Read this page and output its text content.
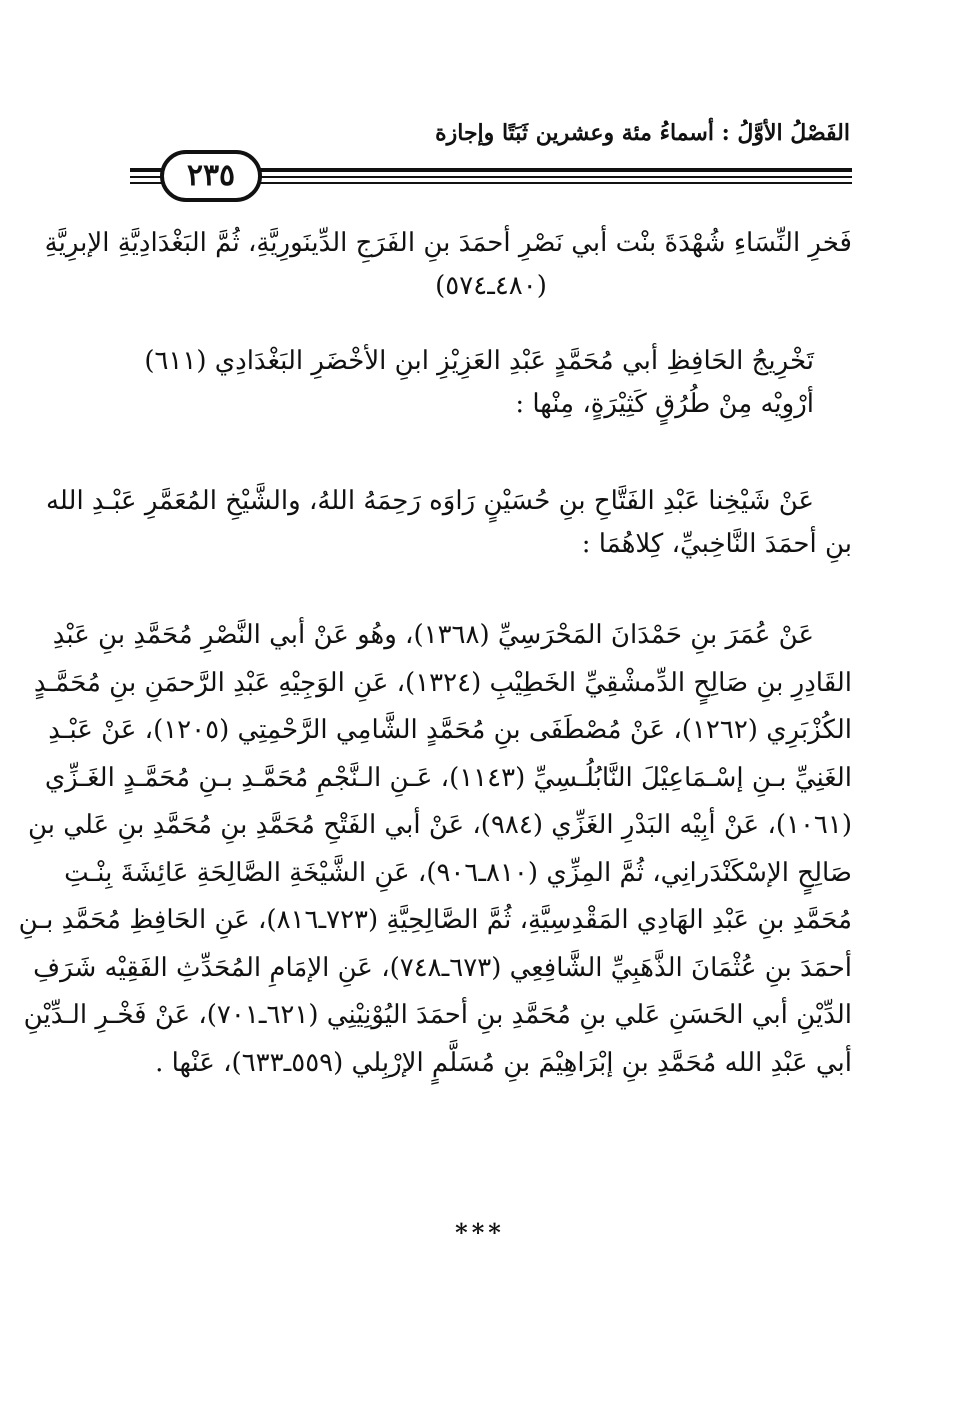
الفَصْلُ الأوَّلُ : أسماءُ مئة وعشرين ثَبَتًا وإجازة
٢٣٥
فَخرِ النِّسَاءِ شُهْدَةَ بنْت أبي نَصْرِ أحمَدَ بنِ الفَرَجِ الدِّينَورِيَّةِ، ثُمَّ البَغْدَادِيَّةِ الإبرِيَّةِ
(٤٨٠ـ٥٧٤)
تَخْرِيجُ الحَافِظِ أبي مُحَمَّدٍ عَبْدِ العَزِيْزِ ابنِ الأخْضَرِ البَغْدَادِي (٦١١)
أرْوِيْه مِنْ طُرُقٍ كَثِيْرَةٍ، مِنْها :
عَنْ شَيْخِنا عَبْدِ الفَتَّاحِ بنِ حُسَيْنٍ رَاوَه رَحِمَهُ اللهُ، والشَّيْخِ المُعَمَّرِ عَبْـدِ الله
بنِ أحمَدَ النَّاخِبيِّ، كِلاهُمَا :
عَنْ عُمَرَ بنِ حَمْدَانَ المَحْرَسِيِّ (١٣٦٨)، وهُو عَنْ أبي النَّصْرِ مُحَمَّدِ بنِ عَبْدِ
القَادِرِ بنِ صَالِحٍ الدِّمشْقِيِّ الخَطِيْبِ (١٣٢٤)، عَنِ الوَجِيْهِ عَبْدِ الرَّحمَنِ بنِ مُحَمَّـدٍ
الكُزْبَرِي (١٢٦٢)، عَنْ مُصْطَفَى بنِ مُحَمَّدٍ الشَّامِي الرَّحْمِتِي (١٢٠٥)، عَنْ عَبْـدِ
الغَنِيِّ بـنِ إسْـمَاعِيْلَ النَّابُلُـسِيِّ (١١٤٣)، عَـنِ الـنَّجْمِ مُحَمَّـدِ بـنِ مُحَمَّـدٍ الغَـزِّي
(١٠٦١)، عَنْ أبِيْه البَدْرِ الغَزِّي (٩٨٤)، عَنْ أبي الفَتْحِ مُحَمَّدِ بنِ مُحَمَّدِ بنِ عَلي بنِ
صَالِحٍ الإسْكَنْدَرانِي، ثُمَّ المِزِّي (٨١٠ـ٩٠٦)، عَنِ الشَّيْخَةِ الصَّالِحَةِ عَائِشَةَ بِنْـتِ
مُحَمَّدِ بنِ عَبْدِ الهَادِي المَقْدِسِيَّةِ، ثُمَّ الصَّالِحِيَّةِ (٧٢٣ـ٨١٦)، عَنِ الحَافِظِ مُحَمَّدِ بـنِ
أحمَدَ بنِ عُثْمَانَ الذَّهَبِيِّ الشَّافِعِي (٦٧٣ـ٧٤٨)، عَنِ الإمَامِ المُحَدِّثِ الفَقِيْه شَرَفِ
الدِّيْنِ أبي الحَسَنِ عَلي بنِ مُحَمَّدِ بنِ أحمَدَ اليُوْنِيْنِي (٦٢١ـ٧٠١)، عَنْ فَخْـرِ الـدِّيْنِ
أبي عَبْدِ الله مُحَمَّدِ بنِ إبْرَاهِيْمَ بنِ مُسَلَّمٍ الإرْبِلي (٥٥٩ـ٦٣٣)، عَنْها .
***
